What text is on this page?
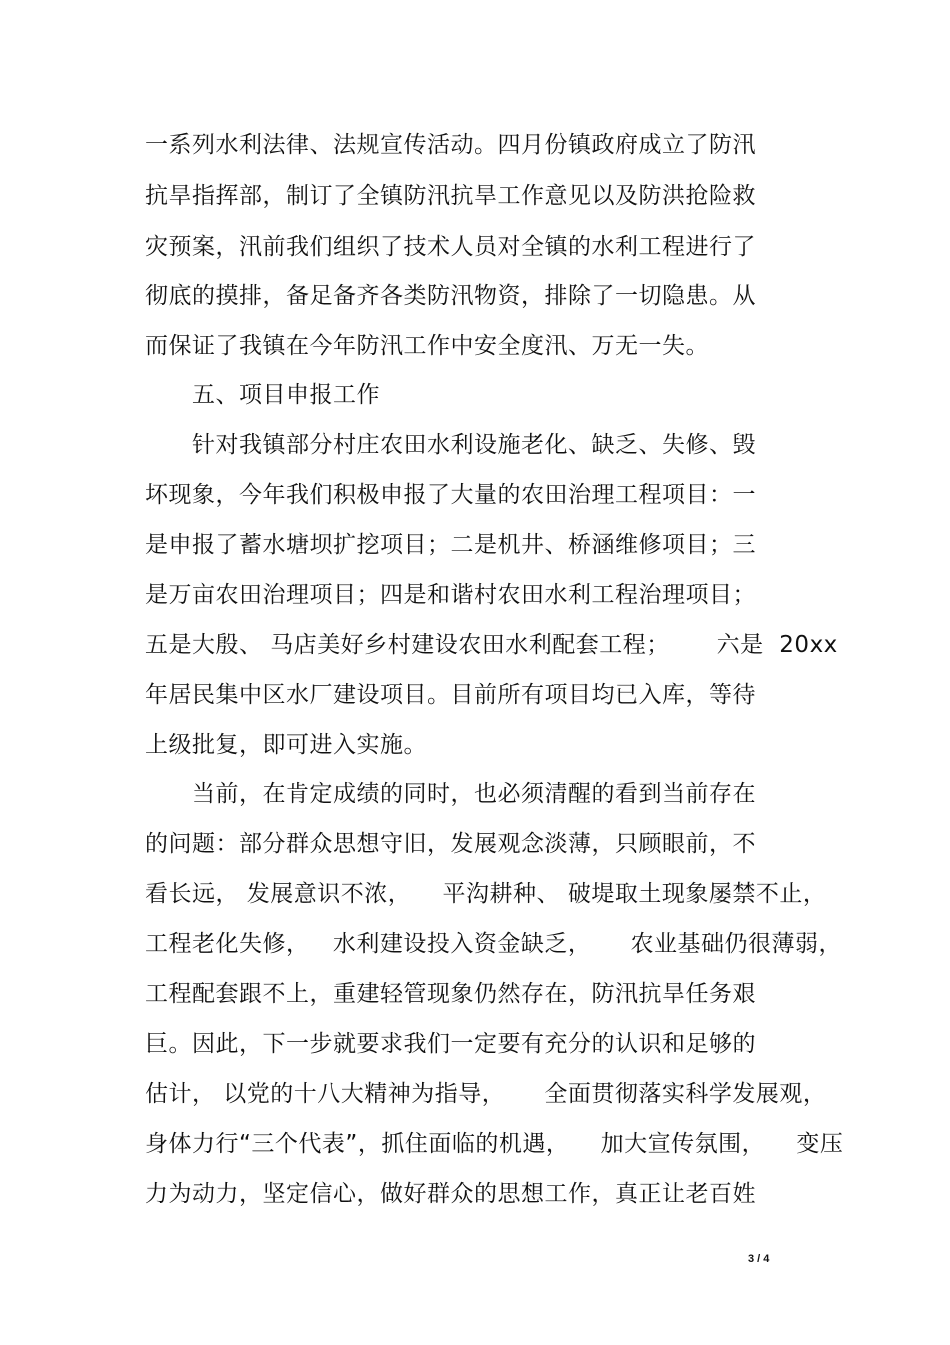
一系列水利法律、法规宣传活动。四月份镇政府成立了防汛
抗旱指挥部，制订了全镇防汛抗旱工作意见以及防洪抢险救
灾预案，汛前我们组织了技术人员对全镇的水利工程进行了
彻底的摸排，备足备齐各类防汛物资，排除了一切隐患。从
而保证了我镇在今年防汛工作中安全度汛、万无一失。
五、项目申报工作
针对我镇部分村庄农田水利设施老化、缺乏、失修、毁
坏现象，今年我们积极申报了大量的农田治理工程项目：一
是申报了蓄水塘坝扩挖项目；二是机井、桥涵维修项目；三
是万亩农田治理项目；四是和谐村农田水利工程治理项目；
五是大殷、 马店美好乡村建设农田水利配套工程；      六是  20xx
年居民集中区水厂建设项目。目前所有项目均已入库，等待
上级批复，即可进入实施。
当前，在肯定成绩的同时，也必须清醒的看到当前存在
的问题：部分群众思想守旧，发展观念淡薄，只顾眼前，不
看长远， 发展意识不浓，    平沟耕种、 破堤取土现象屡禁不止，
工程老化失修，   水利建设投入资金缺乏，     农业基础仍很薄弱，
工程配套跟不上，重建轻管现象仍然存在，防汛抗旱任务艰
巨。因此，下一步就要求我们一定要有充分的认识和足够的
估计， 以党的十八大精神为指导，     全面贯彻落实科学发展观，
身体力行“三个代表”，抓住面临的机遇，    加大宣传氛围，    变压
力为动力，坚定信心，做好群众的思想工作，真正让老百姓
3 / 4
